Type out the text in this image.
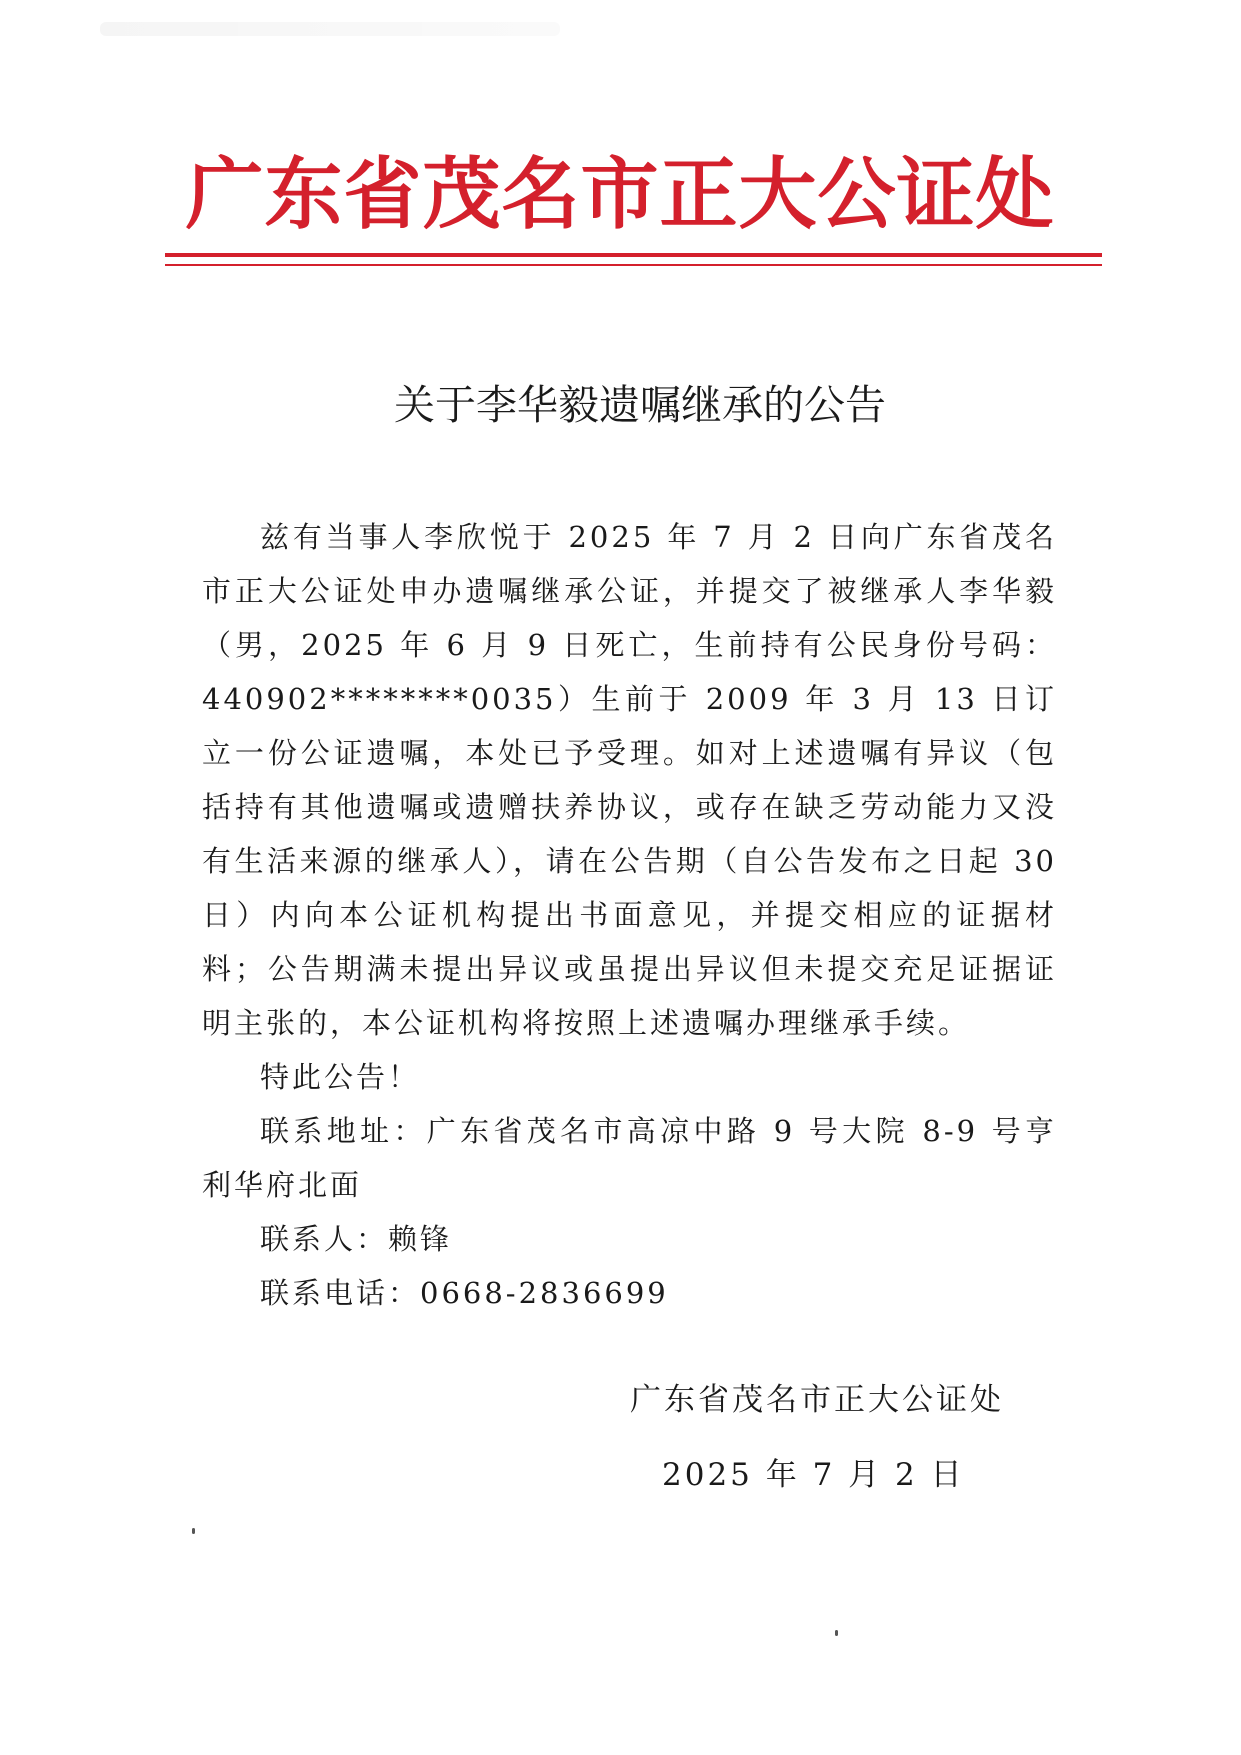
广东省茂名市正大公证处
关于李华毅遗嘱继承的公告

兹有当事人李欣悦于 2025 年 7 月 2 日向广东省茂名市正大公证处申办遗嘱继承公证，并提交了被继承人李华毅（男，2025 年 6 月 9 日死亡，生前持有公民身份号码：440902********0035）生前于 2009 年 3 月 13 日订立一份公证遗嘱，本处已予受理。如对上述遗嘱有异议（包括持有其他遗嘱或遗赠扶养协议，或存在缺乏劳动能力又没有生活来源的继承人），请在公告期（自公告发布之日起 30 日）内向本公证机构提出书面意见，并提交相应的证据材料；公告期满未提出异议或虽提出异议但未提交充足证据证明主张的，本公证机构将按照上述遗嘱办理继承手续。

特此公告！

联系地址：广东省茂名市高凉中路 9 号大院 8-9 号亨利华府北面

联系人：赖锋

联系电话：0668-2836699

广东省茂名市正大公证处
2025 年 7 月 2 日
